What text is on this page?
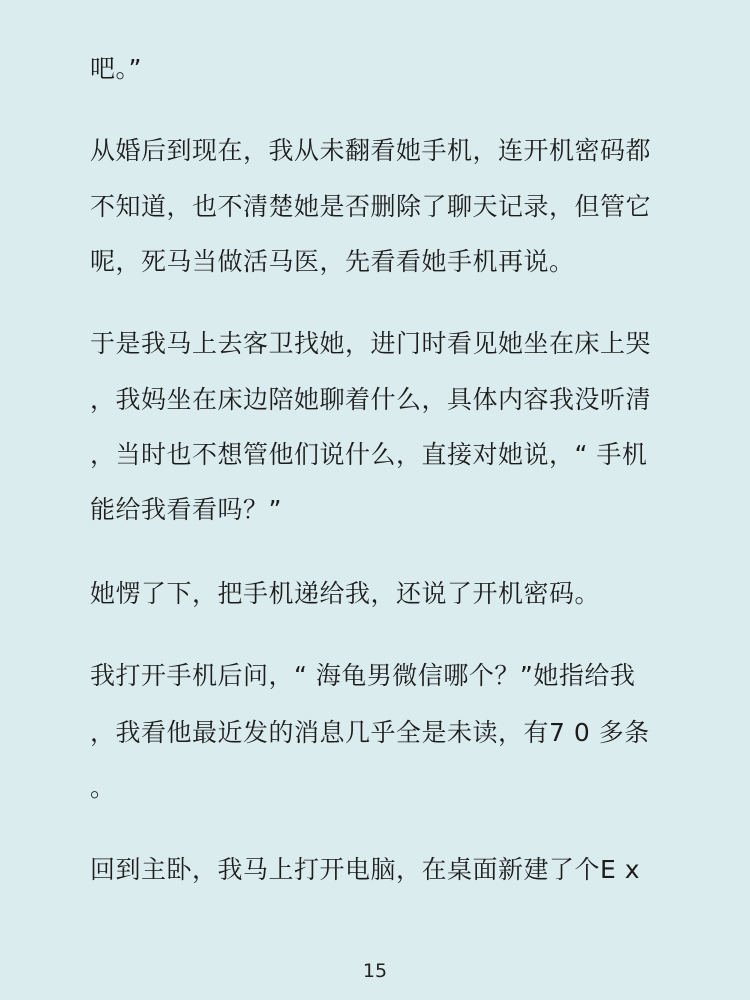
吧。”
从婚后到现在，我从未翻看她手机，连开机密码都
不知道，也不清楚她是否删除了聊天记录，但管它
呢，死马当做活马医，先看看她手机再说。
于是我马上去客卫找她，进门时看见她坐在床上哭
，我妈坐在床边陪她聊着什么，具体内容我没听清
，当时也不想管他们说什么，直接对她说，“ 手机
能给我看看吗？”
她愣了下，把手机递给我，还说了开机密码。
我打开手机后问，“ 海龟男微信哪个？”她指给我
，我看他最近发的消息几乎全是未读，有7 0 多条
。
回到主卧，我马上打开电脑，在桌面新建了个E x
15
